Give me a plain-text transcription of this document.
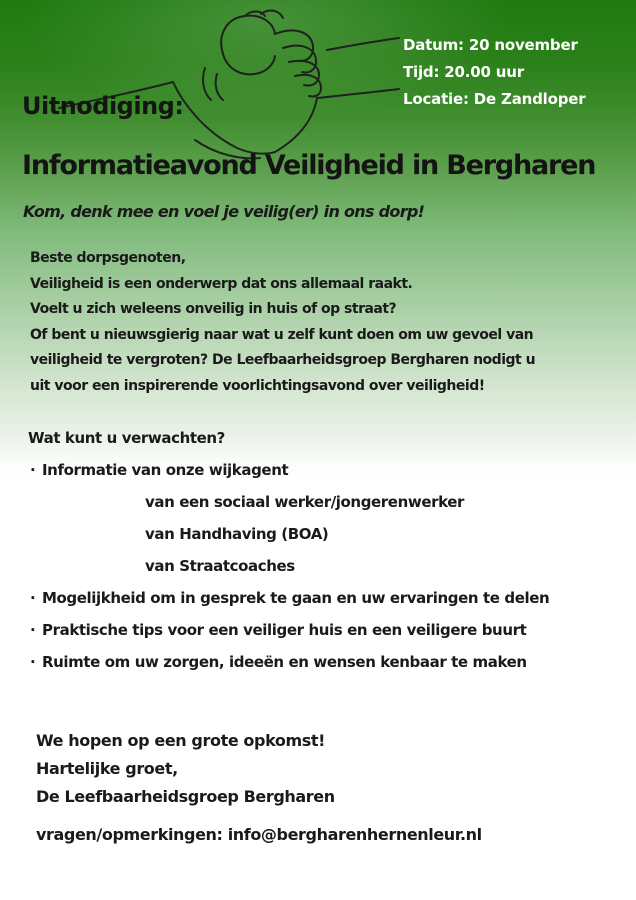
Datum: 20 november
Tijd: 20.00 uur
Locatie: De Zandloper
Uitnodiging:
Informatieavond Veiligheid in Bergharen
Kom, denk mee en voel je veilig(er) in ons dorp!
Beste dorpsgenoten,
Veiligheid is een onderwerp dat ons allemaal raakt.
Voelt u zich weleens onveilig in huis of op straat?
Of bent u nieuwsgierig naar wat u zelf kunt doen om uw gevoel van
veiligheid te vergroten? De Leefbaarheidsgroep Bergharen nodigt u
uit voor een inspirerende voorlichtingsavond over veiligheid!
Wat kunt u verwachten?
· Informatie van onze wijkagent
van een sociaal werker/jongerenwerker
van Handhaving (BOA)
van Straatcoaches
· Mogelijkheid om in gesprek te gaan en uw ervaringen te delen
· Praktische tips voor een veiliger huis en een veiligere buurt
· Ruimte om uw zorgen, ideeën en wensen kenbaar te maken
We hopen op een grote opkomst!
Hartelijke groet,
De Leefbaarheidsgroep Bergharen
vragen/opmerkingen: info@bergharenhernenleur.nl
